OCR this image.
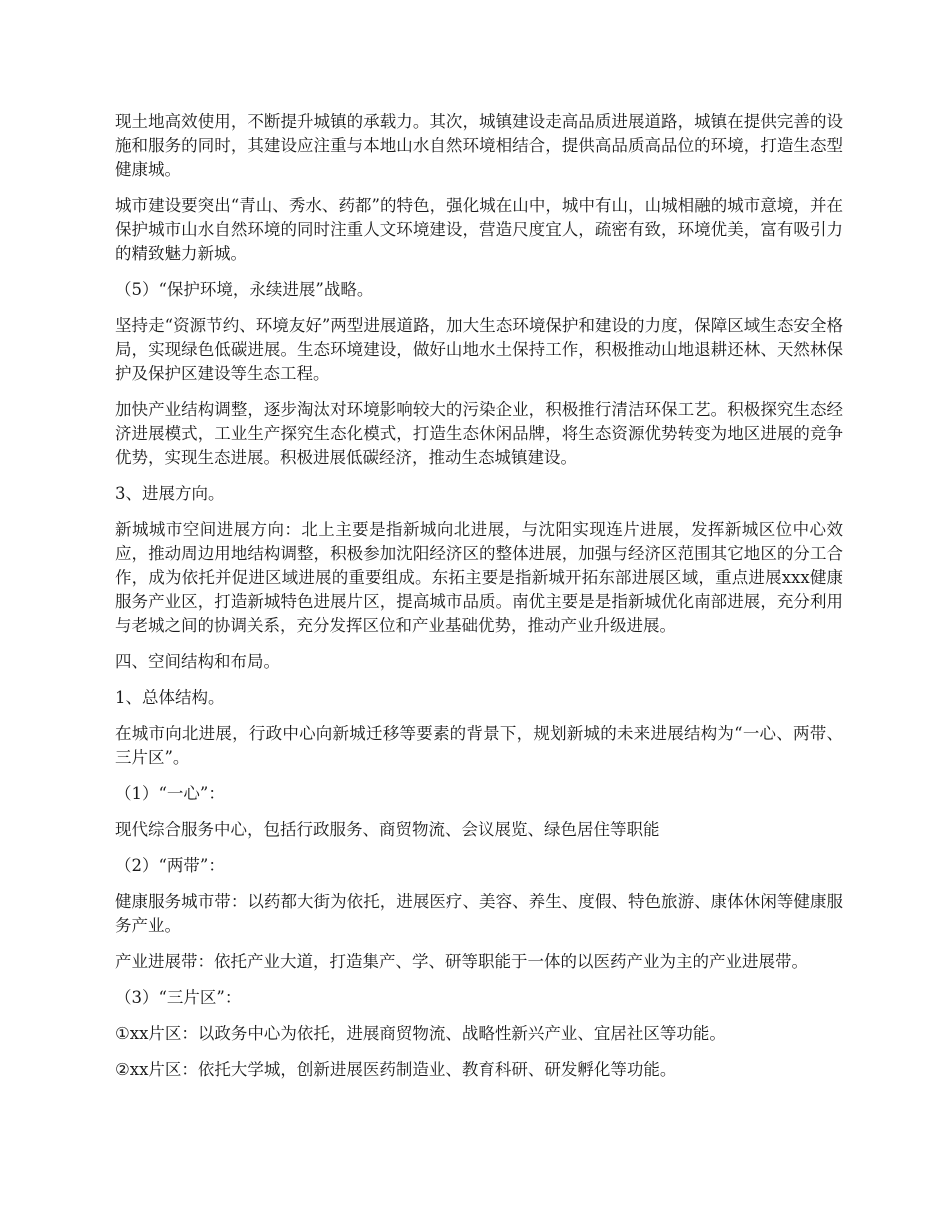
现土地高效使用，不断提升城镇的承载力。其次，城镇建设走高品质进展道路，城镇在提供完善的设施和服务的同时，其建设应注重与本地山水自然环境相结合，提供高品质高品位的环境，打造生态型健康城。

城市建设要突出“青山、秀水、药都”的特色，强化城在山中，城中有山，山城相融的城市意境，并在保护城市山水自然环境的同时注重人文环境建设，营造尺度宜人，疏密有致，环境优美，富有吸引力的精致魅力新城。

（5）“保护环境，永续进展”战略。

坚持走“资源节约、环境友好”两型进展道路，加大生态环境保护和建设的力度，保障区域生态安全格局，实现绿色低碳进展。生态环境建设，做好山地水土保持工作，积极推动山地退耕还林、天然林保护及保护区建设等生态工程。

加快产业结构调整，逐步淘汰对环境影响较大的污染企业，积极推行清洁环保工艺。积极探究生态经济进展模式，工业生产探究生态化模式，打造生态休闲品牌，将生态资源优势转变为地区进展的竞争优势，实现生态进展。积极进展低碳经济，推动生态城镇建设。

3、进展方向。

新城城市空间进展方向：北上主要是指新城向北进展，与沈阳实现连片进展，发挥新城区位中心效应，推动周边用地结构调整，积极参加沈阳经济区的整体进展，加强与经济区范围其它地区的分工合作，成为依托并促进区域进展的重要组成。东拓主要是指新城开拓东部进展区域，重点进展xxx健康服务产业区，打造新城特色进展片区，提高城市品质。南优主要是是指新城优化南部进展，充分利用与老城之间的协调关系，充分发挥区位和产业基础优势，推动产业升级进展。

四、空间结构和布局。

1、总体结构。

在城市向北进展，行政中心向新城迁移等要素的背景下，规划新城的未来进展结构为“一心、两带、三片区”。

（1）“一心”：

现代综合服务中心，包括行政服务、商贸物流、会议展览、绿色居住等职能

（2）“两带”：

健康服务城市带：以药都大街为依托，进展医疗、美容、养生、度假、特色旅游、康体休闲等健康服务产业。

产业进展带：依托产业大道，打造集产、学、研等职能于一体的以医药产业为主的产业进展带。

（3）“三片区”：

①xx片区：以政务中心为依托，进展商贸物流、战略性新兴产业、宜居社区等功能。

②xx片区：依托大学城，创新进展医药制造业、教育科研、研发孵化等功能。
